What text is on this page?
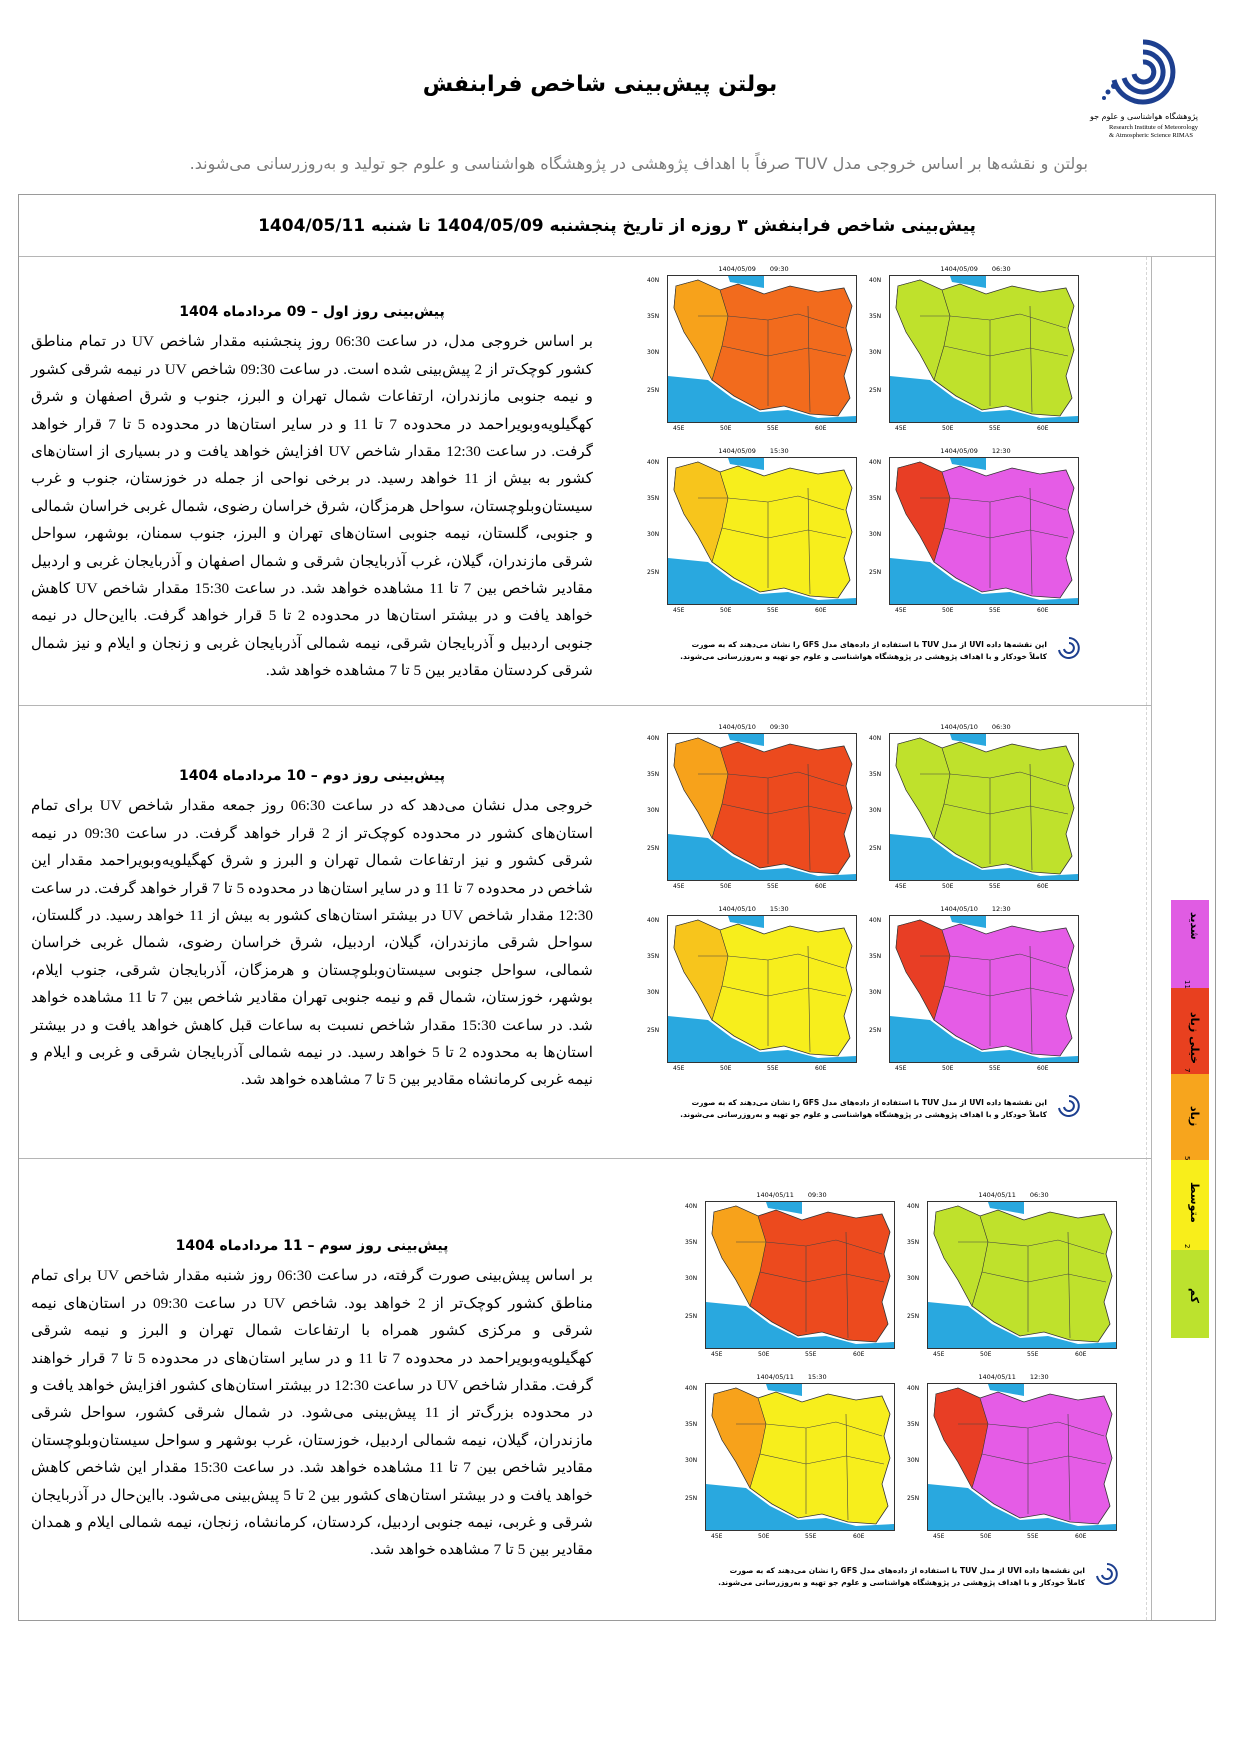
پژوهشگاه هواشناسی و علوم جو
Research Institute of Meteorology
& Atmospheric Science RIMAS
بولتن پیش‌بینی شاخص فرابنفش
بولتن و نقشه‌ها بر اساس خروجی مدل TUV صرفاً با اهداف پژوهشی در پژوهشگاه هواشناسی و علوم جو تولید و به‌روزرسانی می‌شوند.
پیش‌بینی شاخص فرابنفش ۳ روزه از تاریخ پنجشنبه 1404/05/09 تا شنبه 1404/05/11
پیش‌بینی روز اول – 09 مردادماه 1404
بر اساس خروجی مدل، در ساعت 06:30 روز پنجشنبه مقدار شاخص UV در تمام مناطق کشور کوچک‌تر از 2 پیش‌بینی شده است. در ساعت 09:30 شاخص UV در نیمه شرقی کشور و نیمه جنوبی مازندران، ارتفاعات شمال تهران و البرز، جنوب و شرق اصفهان و شرق کهگیلویه‌وبویراحمد در محدوده 7 تا 11 و در سایر استان‌ها در محدوده 5 تا 7 قرار خواهد گرفت. در ساعت 12:30 مقدار شاخص UV افزایش خواهد یافت و در بسیاری از استان‌های کشور به بیش از 11 خواهد رسید. در برخی نواحی از جمله در خوزستان، جنوب و غرب سیستان‌وبلوچستان، سواحل هرمزگان، شرق خراسان رضوی، شمال غربی خراسان شمالی و جنوبی، گلستان، نیمه جنوبی استان‌های تهران و البرز، جنوب سمنان، بوشهر، سواحل شرقی مازندران، گیلان، غرب آذربایجان شرقی و شمال اصفهان و آذربایجان غربی و اردبیل مقادیر شاخص بین 7 تا 11 مشاهده خواهد شد. در ساعت 15:30 مقدار شاخص UV کاهش خواهد یافت و در بیشتر استان‌ها در محدوده 2 تا 5 قرار خواهد گرفت. بااین‌حال در نیمه جنوبی اردبیل و آذربایجان شرقی، نیمه شمالی آذربایجان غربی و زنجان و ایلام و نیز شمال شرقی کردستان مقادیر بین 5 تا 7 مشاهده خواهد شد.
پیش‌بینی روز دوم – 10 مردادماه 1404
خروجی مدل نشان می‌دهد که در ساعت 06:30 روز جمعه مقدار شاخص UV برای تمام استان‌های کشور در محدوده کوچک‌تر از 2 قرار خواهد گرفت. در ساعت 09:30 در نیمه شرقی کشور و نیز ارتفاعات شمال تهران و البرز و شرق کهگیلویه‌وبویراحمد مقدار این شاخص در محدوده 7 تا 11 و در سایر استان‌ها در محدوده 5 تا 7 قرار خواهد گرفت. در ساعت 12:30 مقدار شاخص UV در بیشتر استان‌های کشور به بیش از 11 خواهد رسید. در گلستان، سواحل شرقی مازندران، گیلان، اردبیل، شرق خراسان رضوی، شمال غربی خراسان شمالی، سواحل جنوبی سیستان‌وبلوچستان و هرمزگان، آذربایجان شرقی، جنوب ایلام، بوشهر، خوزستان، شمال قم و نیمه جنوبی تهران مقادیر شاخص بین 7 تا 11 مشاهده خواهد شد. در ساعت 15:30 مقدار شاخص نسبت به ساعات قبل کاهش خواهد یافت و در بیشتر استان‌ها به محدوده 2 تا 5 خواهد رسید. در نیمه شمالی آذربایجان شرقی و غربی و ایلام و نیمه غربی کرمانشاه مقادیر بین 5 تا 7 مشاهده خواهد شد.
پیش‌بینی روز سوم – 11 مردادماه 1404
بر اساس پیش‌بینی صورت گرفته، در ساعت 06:30 روز شنبه مقدار شاخص UV برای تمام مناطق کشور کوچک‌تر از 2 خواهد بود. شاخص UV در ساعت 09:30 در استان‌های نیمه شرقی و مرکزی کشور همراه با ارتفاعات شمال تهران و البرز و نیمه شرقی کهگیلویه‌وبویراحمد در محدوده 7 تا 11 و در سایر استان‌های در محدوده 5 تا 7 قرار خواهند گرفت. مقدار شاخص UV در ساعت 12:30 در بیشتر استان‌های کشور افزایش خواهد یافت و در محدوده بزرگ‌تر از 11 پیش‌بینی می‌شود. در شمال شرقی کشور، سواحل شرقی مازندران، گیلان، نیمه شمالی اردبیل، خوزستان، غرب بوشهر و سواحل سیستان‌وبلوچستان مقادیر شاخص بین 7 تا 11 مشاهده خواهد شد. در ساعت 15:30 مقدار این شاخص کاهش خواهد یافت و در بیشتر استان‌های کشور بین 2 تا 5 پیش‌بینی می‌شود. بااین‌حال در آذربایجان شرقی و غربی، نیمه جنوبی اردبیل، کردستان، کرمانشاه، زنجان، نیمه شمالی ایلام و همدان مقادیر بین 5 تا 7 مشاهده خواهد شد.
1404/05/09 09:30
40N
35N
30N
25N
45E	50E	55E	60E
1404/05/09 06:30
40N
35N
30N
25N
45E	50E	55E	60E
1404/05/09 15:30
40N
35N
30N
25N
45E	50E	55E	60E
1404/05/09 12:30
40N
35N
30N
25N
45E	50E	55E	60E
این نقشه‌ها داده UVI از مدل TUV با استفاده از داده‌های مدل GFS را نشان می‌دهند که به صورت
کاملاً خودکار و با اهداف پژوهشی در پژوهشگاه هواشناسی و علوم جو تهیه و به‌روزرسانی می‌شوند.
1404/05/10 09:30
40N
35N
30N
25N
45E	50E	55E	60E
1404/05/10 06:30
40N
35N
30N
25N
45E	50E	55E	60E
1404/05/10 15:30
40N
35N
30N
25N
45E	50E	55E	60E
1404/05/10 12:30
40N
35N
30N
25N
45E	50E	55E	60E
این نقشه‌ها داده UVI از مدل TUV با استفاده از داده‌های مدل GFS را نشان می‌دهند که به صورت
کاملاً خودکار و با اهداف پژوهشی در پژوهشگاه هواشناسی و علوم جو تهیه و به‌روزرسانی می‌شوند.
1404/05/11 09:30
40N
35N
30N
25N
45E	50E	55E	60E
1404/05/11 06:30
40N
35N
30N
25N
45E	50E	55E	60E
1404/05/11 15:30
40N
35N
30N
25N
45E	50E	55E	60E
1404/05/11 12:30
40N
35N
30N
25N
45E	50E	55E	60E
این نقشه‌ها داده UVI از مدل TUV با استفاده از داده‌های مدل GFS را نشان می‌دهند که به صورت
کاملاً خودکار و با اهداف پژوهشی در پژوهشگاه هواشناسی و علوم جو تهیه و به‌روزرسانی می‌شوند.
شدید
خیلی زیاد
زیاد
متوسط
کم
11
7
5
2
